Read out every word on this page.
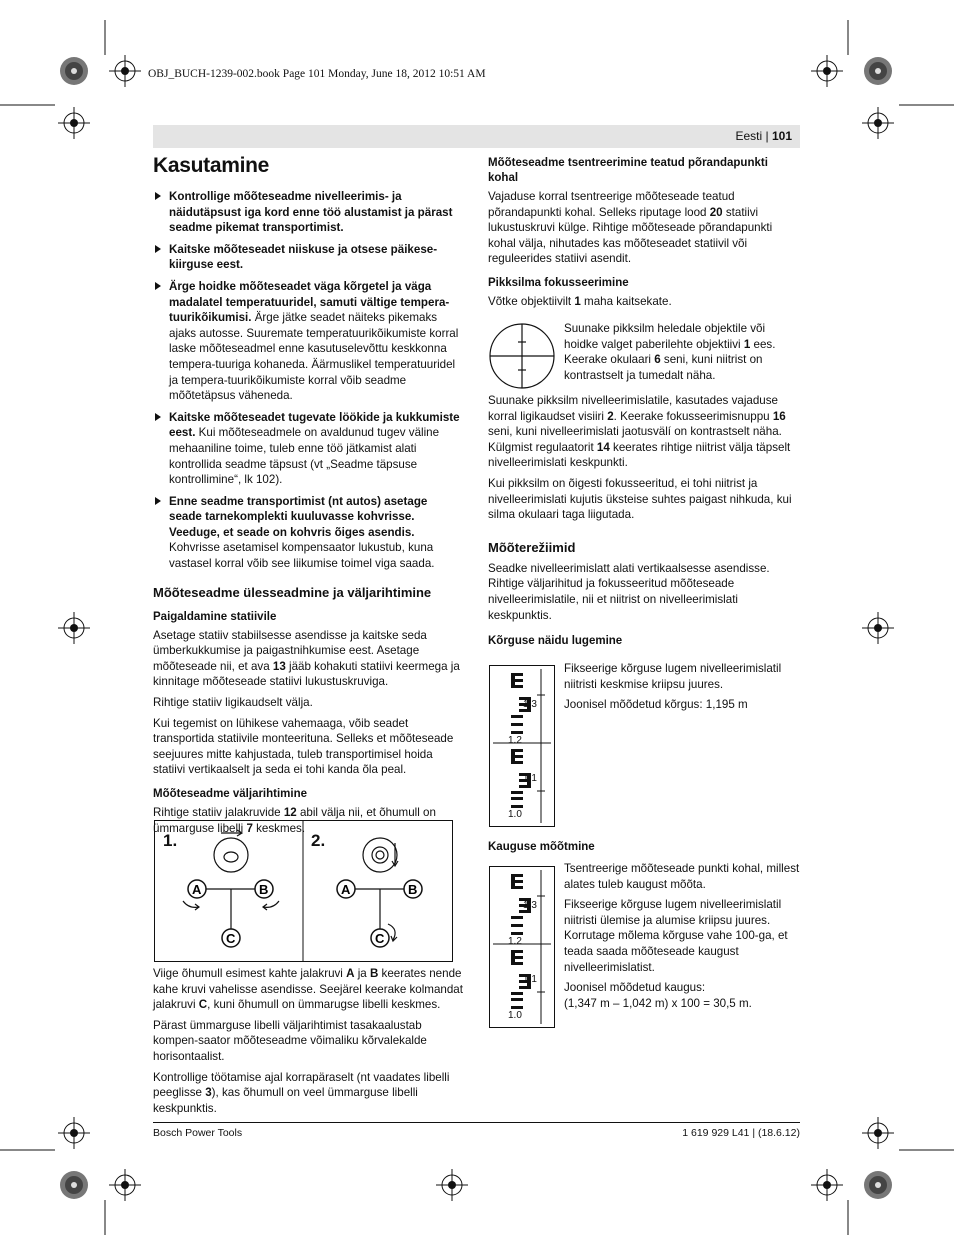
OBJ_BUCH-1239-002.book Page 101 Monday, June 18, 2012 10:51 AM
Eesti | 101
Kasutamine
Kontrollige mõõteseadme nivelleerimis- ja näidutäpsust iga kord enne töö alustamist ja pärast seadme pikemat transportimist.
Kaitske mõõteseadet niiskuse ja otsese päikese-kiirguse eest.
Ärge hoidke mõõteseadet väga kõrgetel ja väga madalatel temperatuuridel, samuti vältige tempera-tuurikõikumisi. Ärge jätke seadet näiteks pikemaks ajaks autosse. Suuremate temperatuurikõikumiste korral laske mõõteseadmel enne kasutuselevõttu keskkonna tempera-tuuriga kohaneda. Äärmuslikel temperatuuridel ja tempera-tuurikõikumiste korral võib seadme mõõtetäpsus väheneda.
Kaitske mõõteseadet tugevate löökide ja kukkumiste eest. Kui mõõteseadmele on avaldunud tugev väline mehaaniline toime, tuleb enne töö jätkamist alati kontrollida seadme täpsust (vt „Seadme täpsuse kontrollimine“, lk 102).
Enne seadme transportimist (nt autos) asetage seade tarnekomplekti kuuluvasse kohvrisse. Veeduge, et seade on kohvris õiges asendis. Kohvrisse asetamisel kompensaator lukustub, kuna vastasel korral võib see liikumise toimel viga saada.
Mõõteseadme ülesseadmine ja väljarihtimine
Paigaldamine statiivile

Asetage statiiv stabiilsesse asendisse ja kaitske seda ümberkukkumise ja paigastnihkumise eest. Asetage mõõteseade nii, et ava 13 jääb kohakuti statiivi keermega ja kinnitage mõõteseade statiivi lukustuskruviga.

Rihtige statiiv ligikaudselt välja.

Kui tegemist on lühikese vahemaaga, võib seadet transportida statiivile monteerituna. Selleks et mõõteseade seejuures mitte kahjustada, tuleb transportimisel hoida statiivi vertikaalselt ja seda ei tohi kanda õla peal.

Mõõteseadme väljarihtimine

Rihtige statiiv jalakruvide 12 abil välja nii, et õhumull on ümmarguse libelli 7 keskmes.

1.	2.
A	B
C
A	B
C

Viige õhumull esimest kahte jalakruvi A ja B keerates nende kahe kruvi vahelisse asendisse. Seejärel keerake kolmandat jalakruvi C, kuni õhumull on ümmarugse libelli keskmes.

Pärast ümmarguse libelli väljarihtimist tasakaalustab kompen-saator mõõteseadme võimaliku kõrvalekalde horisontaalist.

Kontrollige töötamise ajal korrapäraselt (nt vaadates libelli peeglisse 3), kas õhumull on veel ümmarguse libelli keskpunktis.

Mõõteseadme tsentreerimine teatud põrandapunkti kohal

Vajaduse korral tsentreerige mõõteseade teatud põrandapunkti kohal. Selleks riputage lood 20 statiivi lukustuskruvi külge. Rihtige mõõteseade põrandapunkti kohal välja, nihutades kas mõõteseadet statiivil või reguleerides statiivi asendit.

Pikksilma fokusseerimine

Võtke objektiivilt 1 maha kaitsekate.

Suunake pikksilm heledale objektile või hoidke valget paberilehte objektiivi 1 ees. Keerake okulaari 6 seni, kuni niitrist on kontrastselt ja tumedalt näha.

Suunake pikksilm nivelleerimislatile, kasutades vajaduse korral ligikaudset visiiri 2. Keerake fokusseerimisnuppu 16 seni, kuni nivelleerimislati jaotusvälí on kontrastselt näha. Külgmist regulaatorit 14 keerates rihtige niitrist välja täpselt nivelleerimislati keskpunkti.

Kui pikksilm on õigesti fokusseeritud, ei tohi niitrist ja nivelleerimislati kujutis üksteise suhtes paigast nihkuda, kui silma okulaari taga liigutada.

Mõõterežiimid

Seadke nivelleerimislatt alati vertikaalsesse asendisse. Rihtige väljarihitud ja fokusseeritud mõõteseade nivelleerimislatile, nii et niitrist on nivelleerimislati keskpunktis.

Kõrguse näidu lugemine
1.3
1.2
1.1
1.0

Fikseerige kõrguse lugem nivelleerimislatil niitristi keskmise kriipsu juures.

Joonisel mõõdetud kõrgus: 1,195 m

Kauguse mõõtmine
1.3
1.2
1.1
1.0

Tsentreerige mõõteseade punkti kohal, millest alates tuleb kaugust mõõta.

Fikseerige kõrguse lugem nivelleerimislatil niitristi ülemise ja alumise kriipsu juures. Korrutage mõlema kõrguse vahe 100-ga, et teada saada mõõteseade kaugust nivelleerimislatist.

Joonisel mõõdetud kaugus:
(1,347 m – 1,042 m) x 100 = 30,5 m.

Bosch Power Tools	1 619 929 L41 | (18.6.12)
